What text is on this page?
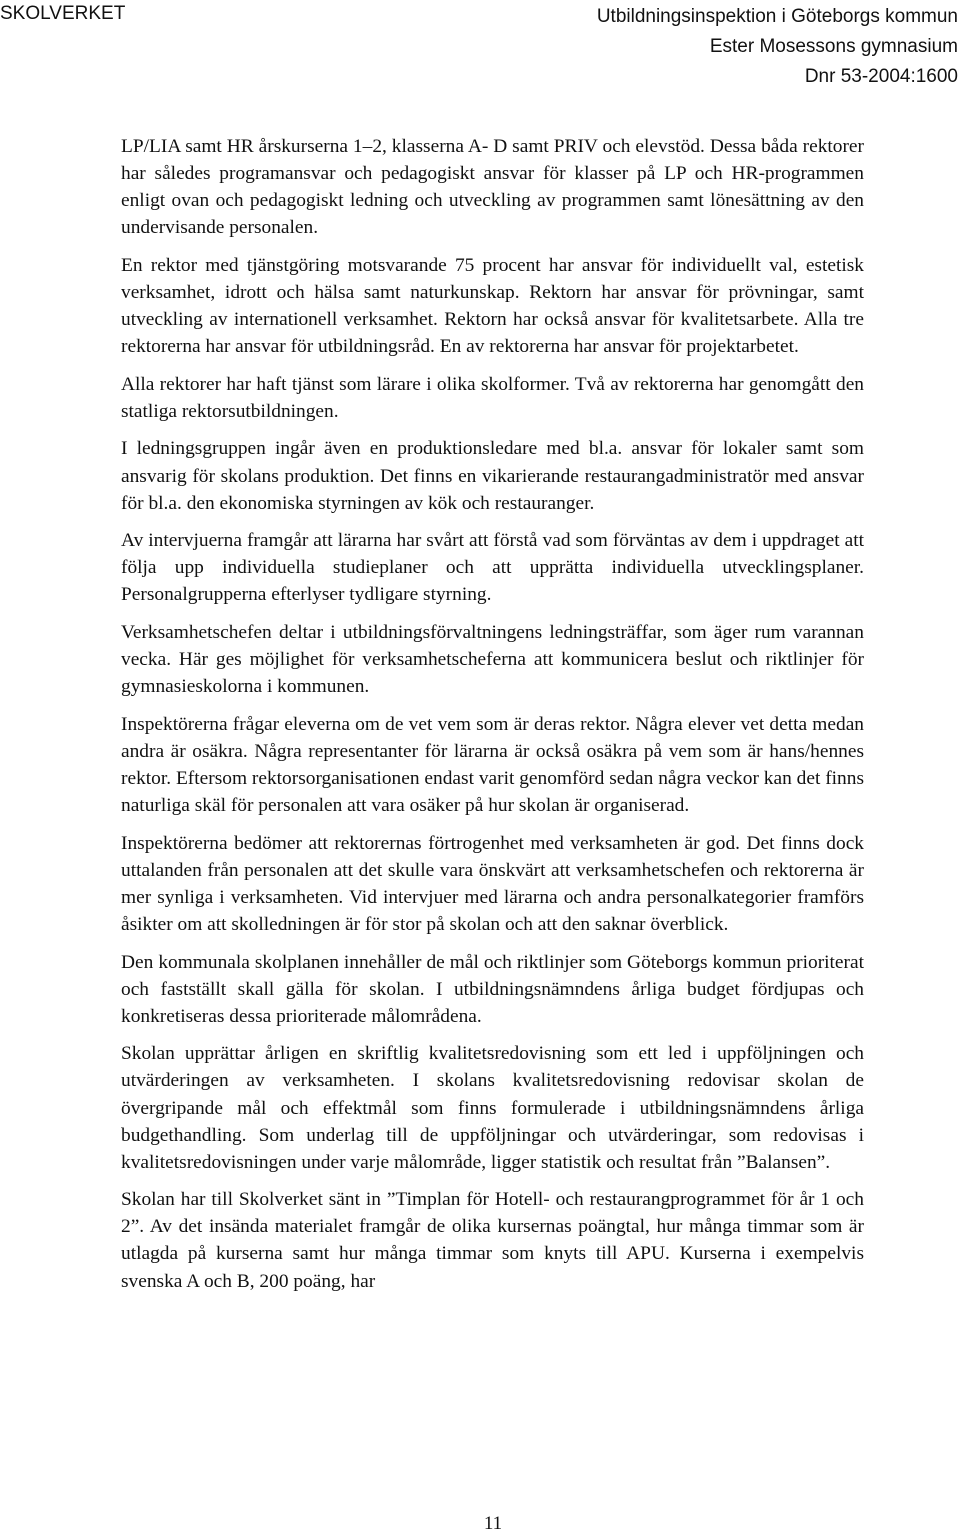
SKOLVERKET	Utbildningsinspektion i Göteborgs kommun
Ester Mosessons gymnasium
Dnr 53-2004:1600

LP/LIA samt HR årskurserna 1–2, klasserna A- D samt PRIV och elevstöd. Dessa båda rektorer har således programansvar och pedagogiskt ansvar för klasser på LP och HR-programmen enligt ovan och pedagogiskt ledning och utveckling av programmen samt lönesättning av den undervisande personalen.

En rektor med tjänstgöring motsvarande 75 procent har ansvar för individuellt val, estetisk verksamhet, idrott och hälsa samt naturkunskap. Rektorn har ansvar för prövningar, samt utveckling av internationell verksamhet. Rektorn har också ansvar för kvalitetsarbete. Alla tre rektorerna har ansvar för utbildningsråd. En av rektorerna har ansvar för projektarbetet.

Alla rektorer har haft tjänst som lärare i olika skolformer. Två av rektorerna har genomgått den statliga rektorsutbildningen.

I ledningsgruppen ingår även en produktionsledare med bl.a. ansvar för lokaler samt som ansvarig för skolans produktion. Det finns en vikarierande restaurangadministratör med ansvar för bl.a. den ekonomiska styrningen av kök och restauranger.

Av intervjuerna framgår att lärarna har svårt att förstå vad som förväntas av dem i uppdraget att följa upp individuella studieplaner och att upprätta individuella utvecklingsplaner. Personalgrupperna efterlyser tydligare styrning.

Verksamhetschefen deltar i utbildningsförvaltningens ledningsträffar, som äger rum varannan vecka. Här ges möjlighet för verksamhetscheferna att kommunicera beslut och riktlinjer för gymnasieskolorna i kommunen.

Inspektörerna frågar eleverna om de vet vem som är deras rektor. Några elever vet detta medan andra är osäkra. Några representanter för lärarna är också osäkra på vem som är hans/hennes rektor. Eftersom rektorsorganisationen endast varit genomförd sedan några veckor kan det finns naturliga skäl för personalen att vara osäker på hur skolan är organiserad.

Inspektörerna bedömer att rektorernas förtrogenhet med verksamheten är god. Det finns dock uttalanden från personalen att det skulle vara önskvärt att verksamhetschefen och rektorerna är mer synliga i verksamheten. Vid intervjuer med lärarna och andra personalkategorier framförs åsikter om att skolledningen är för stor på skolan och att den saknar överblick.

Den kommunala skolplanen innehåller de mål och riktlinjer som Göteborgs kommun prioriterat och fastställt skall gälla för skolan. I utbildningsnämndens årliga budget fördjupas och konkretiseras dessa prioriterade målområdena.

Skolan upprättar årligen en skriftlig kvalitetsredovisning som ett led i uppföljningen och utvärderingen av verksamheten. I skolans kvalitetsredovisning redovisar skolan de övergripande mål och effektmål som finns formulerade i utbildningsnämndens årliga budgethandling. Som underlag till de uppföljningar och utvärderingar, som redovisas i kvalitetsredovisningen under varje målområde, ligger statistik och resultat från ”Balansen”.

Skolan har till Skolverket sänt in ”Timplan för Hotell- och restaurangprogrammet för år 1 och 2”. Av det insända materialet framgår de olika kursernas poängtal, hur många timmar som är utlagda på kurserna samt hur många timmar som knyts till APU. Kurserna i exempelvis svenska A och B, 200 poäng, har

11
